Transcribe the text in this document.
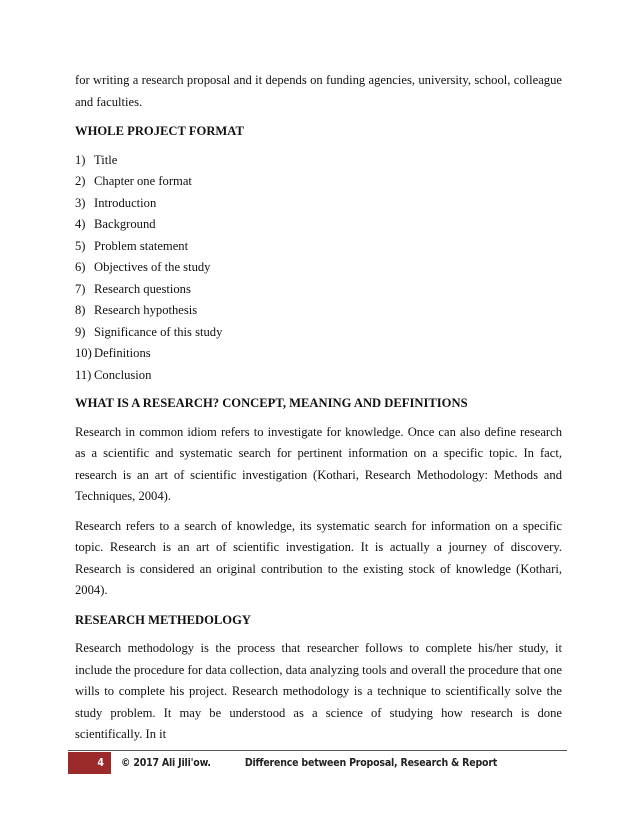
for writing a research proposal and it depends on funding agencies, university, school, colleague and faculties.

WHOLE PROJECT FORMAT
1) Title
2) Chapter one format
3) Introduction
4) Background
5) Problem statement
6) Objectives of the study
7) Research questions
8) Research hypothesis
9) Significance of this study
10) Definitions
11) Conclusion
WHAT IS A RESEARCH? CONCEPT, MEANING AND DEFINITIONS

Research in common idiom refers to investigate for knowledge. Once can also define research as a scientific and systematic search for pertinent information on a specific topic. In fact, research is an art of scientific investigation (Kothari, Research Methodology: Methods and Techniques, 2004).

Research refers to a search of knowledge, its systematic search for information on a specific topic. Research is an art of scientific investigation. It is actually a journey of discovery. Research is considered an original contribution to the existing stock of knowledge (Kothari, 2004).

RESEARCH METHEDOLOGY

Research methodology is the process that researcher follows to complete his/her study, it include the procedure for data collection, data analyzing tools and overall the procedure that one wills to complete his project. Research methodology is a technique to scientifically solve the study problem. It may be understood as a science of studying how research is done scientifically. In it

4 © 2017 Ali Jili'ow.	Difference between Proposal, Research & Report
